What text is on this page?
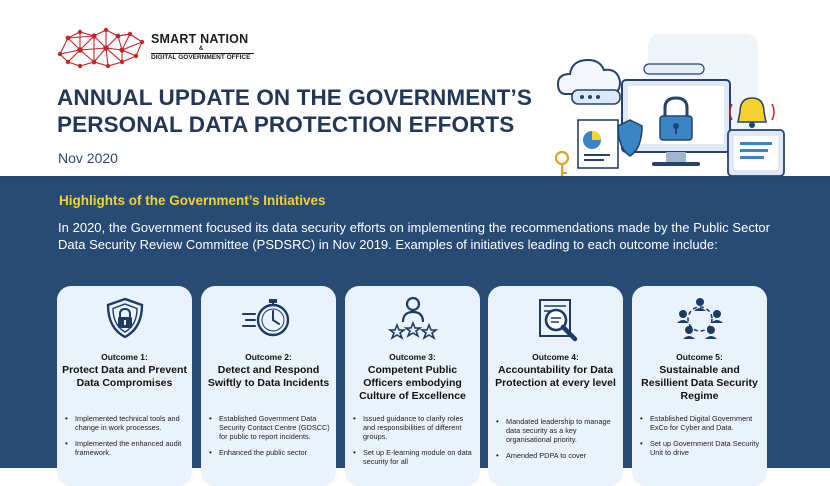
SMART NATION
&
DIGITAL GOVERNMENT OFFICE
ANNUAL UPDATE ON THE GOVERNMENT’S PERSONAL DATA PROTECTION EFFORTS
Nov 2020
Highlights of the Government’s Initiatives
In 2020, the Government focused its data security efforts on implementing the recommendations made by the Public Sector Data Security Review Committee (PSDSRC) in Nov 2019. Examples of initiatives leading to each outcome include:
Outcome 1:
Protect Data and Prevent Data Compromises
• Implemented technical tools and change in work processes.
• Implemented the enhanced audit framework.
Outcome 2:
Detect and Respond Swiftly to Data Incidents
• Established Government Data Security Contact Centre (GDSCC) for public to report incidents.
• Enhanced the public sector
Outcome 3:
Competent Public Officers embodying Culture of Excellence
• Issued guidance to clarify roles and responsibilities of different groups.
• Set up E-learning module on data security for all
Outcome 4:
Accountability for Data Protection at every level
• Mandated leadership to manage data security as a key organisational priority.
• Amended PDPA to cover
Outcome 5:
Sustainable and Resillient Data Security Regime
• Established Digital Government ExCo for Cyber and Data.
• Set up Government Data Security Unit to drive
